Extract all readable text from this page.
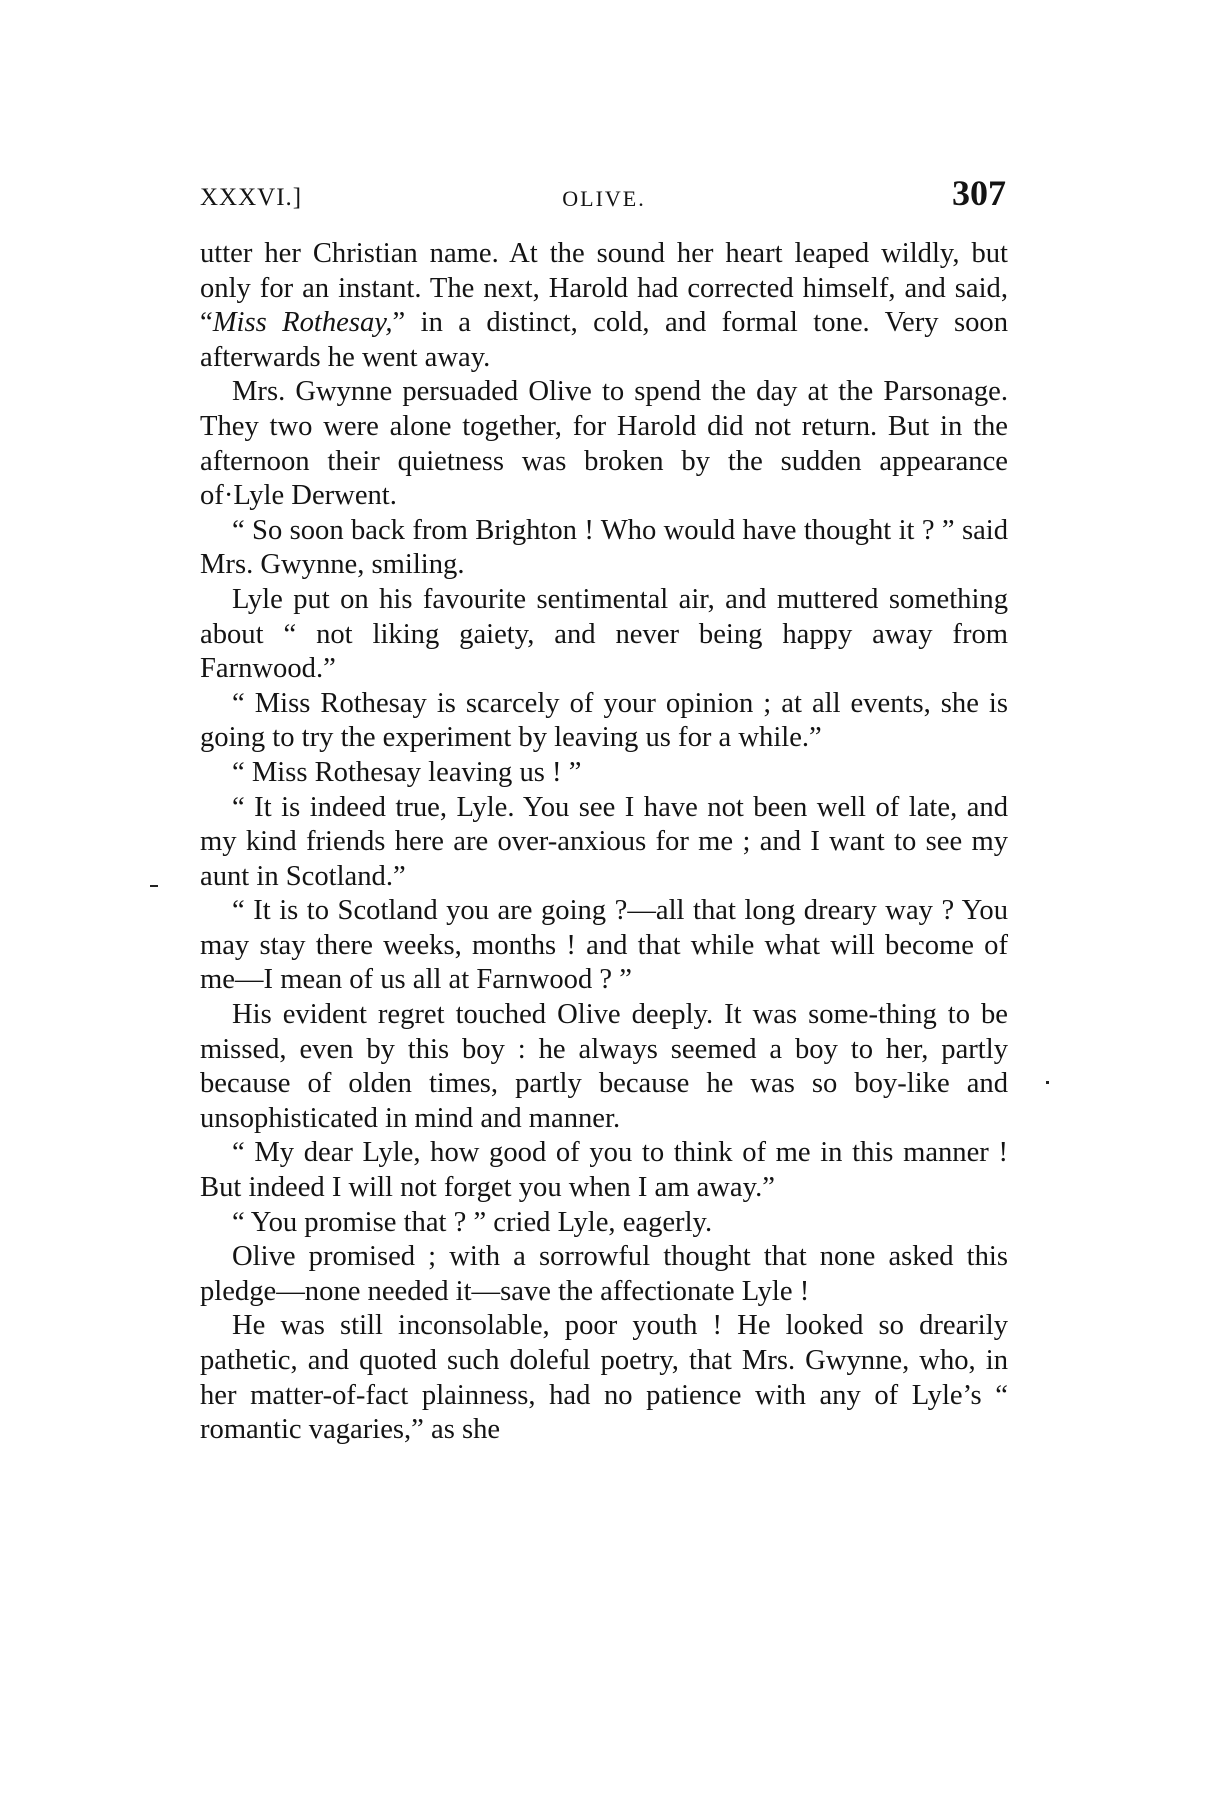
XXXVI.]	OLIVE.	307

utter her Christian name. At the sound her heart leaped wildly, but only for an instant. The next, Harold had corrected himself, and said, “Miss Rothesay,” in a distinct, cold, and formal tone. Very soon afterwards he went away.

Mrs. Gwynne persuaded Olive to spend the day at the Parsonage. They two were alone together, for Harold did not return. But in the afternoon their quietness was broken by the sudden appearance of·Lyle Derwent.

“ So soon back from Brighton ! Who would have thought it ? ” said Mrs. Gwynne, smiling.

Lyle put on his favourite sentimental air, and muttered something about “ not liking gaiety, and never being happy away from Farnwood.”

“ Miss Rothesay is scarcely of your opinion ; at all events, she is going to try the experiment by leaving us for a while.”

“ Miss Rothesay leaving us ! ”

“ It is indeed true, Lyle. You see I have not been well of late, and my kind friends here are over-anxious for me ; and I want to see my aunt in Scotland.”

“ It is to Scotland you are going ?—all that long dreary way ? You may stay there weeks, months ! and that while what will become of me—I mean of us all at Farnwood ? ”

His evident regret touched Olive deeply. It was some-thing to be missed, even by this boy : he always seemed a boy to her, partly because of olden times, partly because he was so boy-like and unsophisticated in mind and manner.

“ My dear Lyle, how good of you to think of me in this manner ! But indeed I will not forget you when I am away.”

“ You promise that ? ” cried Lyle, eagerly.

Olive promised ; with a sorrowful thought that none asked this pledge—none needed it—save the affectionate Lyle !

He was still inconsolable, poor youth ! He looked so drearily pathetic, and quoted such doleful poetry, that Mrs. Gwynne, who, in her matter-of-fact plainness, had no patience with any of Lyle’s “ romantic vagaries,” as she
